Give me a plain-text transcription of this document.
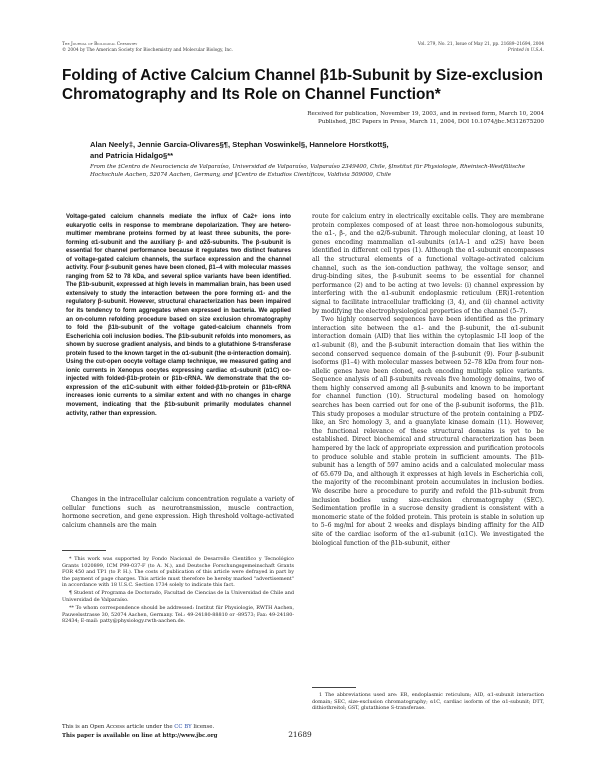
The Journal of Biological Chemistry
© 2004 by The American Society for Biochemistry and Molecular Biology, Inc.
Vol. 279, No. 21, Issue of May 21, pp. 21689–21694, 2004
Printed in U.S.A.
Folding of Active Calcium Channel β1b-Subunit by Size-exclusion Chromatography and Its Role on Channel Function*
Received for publication, November 19, 2003, and in revised form, March 10, 2004
Published, JBC Papers in Press, March 11, 2004, DOI 10.1074/jbc.M312675200
Alan Neely‡, Jennie Garcia-Olivares§¶, Stephan Voswinkel§, Hannelore Horstkott§,
and Patricia Hidalgo§**
From the ‡Centro de Neurociencia de Valparaíso, Universidad de Valparaíso, Valparaíso 2349400, Chile, §Institut für Physiologie, Rheinisch-Westfälische Hochschule Aachen, 52074 Aachen, Germany, and ‖Centro de Estudios Científicos, Valdivia 509000, Chile
Voltage-gated calcium channels mediate the influx of Ca2+ ions into eukaryotic cells in response to membrane depolarization. They are hetero-multimer membrane proteins formed by at least three subunits, the pore-forming α1-subunit and the auxiliary β- and α2δ-subunits. The β-subunit is essential for channel performance because it regulates two distinct features of voltage-gated calcium channels, the surface expression and the channel activity. Four β-subunit genes have been cloned, β1–4 with molecular masses ranging from 52 to 78 kDa, and several splice variants have been identified. The β1b-subunit, expressed at high levels in mammalian brain, has been used extensively to study the interaction between the pore forming α1- and the regulatory β-subunit. However, structural characterization has been impaired for its tendency to form aggregates when expressed in bacteria. We applied an on-column refolding procedure based on size exclusion chromatography to fold the β1b-subunit of the voltage gated-calcium channels from Escherichia coli inclusion bodies. The β1b-subunit refolds into monomers, as shown by sucrose gradient analysis, and binds to a glutathione S-transferase protein fused to the known target in the α1-subunit (the α-interaction domain). Using the cut-open oocyte voltage clamp technique, we measured gating and ionic currents in Xenopus oocytes expressing cardiac α1-subunit (α1C) co-injected with folded-β1b-protein or β1b-cRNA. We demonstrate that the co-expression of the α1C-subunit with either folded-β1b-protein or β1b-cRNA increases ionic currents to a similar extent and with no changes in charge movement, indicating that the β1b-subunit primarily modulates channel activity, rather than expression.

Changes in the intracellular calcium concentration regulate a variety of cellular functions such as neurotransmission, muscle contraction, hormone secretion, and gene expression. High threshold voltage-activated calcium channels are the main

* This work was supported by Fondo Nacional de Desarrollo Científico y Tecnológico Grants 1020899, ICM P99-037-F (to A. N.), and Deutsche Forschungsgemeinschaft Grants FOR 450 and TP1 (to P. H.). The costs of publication of this article were defrayed in part by the payment of page charges. This article must therefore be hereby marked "advertisement" in accordance with 18 U.S.C. Section 1734 solely to indicate this fact.

¶ Student of Programa de Doctorado, Facultad de Ciencias de la Universidad de Chile and Universidad de Valparaíso.

** To whom correspondence should be addressed: Institut für Physiologie, RWTH Aachen, Pauwelsstrasse 30, 52074 Aachen, Germany. Tel.: 49-24180-88810 or -89573; Fax: 49-24180-82434; E-mail: patty@physiology.rwth-aachen.de.

This is an Open Access article under the CC BY license.
This paper is available on line at http://www.jbc.org	21689

route for calcium entry in electrically excitable cells. They are membrane protein complexes composed of at least three non-homologous subunits, the α1-, β-, and the α2/δ-subunit. Through molecular cloning, at least 10 genes encoding mammalian α1-subunits (α1A–1 and α2S) have been identified in different cell types (1). Although the α1-subunit encompasses all the structural elements of a functional voltage-activated calcium channel, such as the ion-conduction pathway, the voltage sensor, and drug-binding sites, the β-subunit seems to be essential for channel performance (2) and to be acting at two levels: (i) channel expression by interfering with the α1-subunit endoplasmic reticulum (ER)1-retention signal to facilitate intracellular trafficking (3, 4), and (ii) channel activity by modifying the electrophysiological properties of the channel (5–7).

Two highly conserved sequences have been identified as the primary interaction site between the α1- and the β-subunit, the α1-subunit interaction domain (AID) that lies within the cytoplasmic I-II loop of the α1-subunit (8), and the β-subunit interaction domain that lies within the second conserved sequence domain of the β-subunit (9). Four β-subunit isoforms (β1–4) with molecular masses between 52–78 kDa from four non-allelic genes have been cloned, each encoding multiple splice variants. Sequence analysis of all β-subunits reveals five homology domains, two of them highly conserved among all β-subunits and known to be important for channel function (10). Structural modeling based on homology searches has been carried out for one of the β-subunit isoforms, the β1b. This study proposes a modular structure of the protein containing a PDZ-like, an Src homology 3, and a guanylate kinase domain (11). However, the functional relevance of these structural domains is yet to be established. Direct biochemical and structural characterization has been hampered by the lack of appropriate expression and purification protocols to produce soluble and stable protein in sufficient amounts. The β1b-subunit has a length of 597 amino acids and a calculated molecular mass of 65.679 Da, and although it expresses at high levels in Escherichia coli, the majority of the recombinant protein accumulates in inclusion bodies. We describe here a procedure to purify and refold the β1b-subunit from inclusion bodies using size-exclusion chromatography (SEC). Sedimentation profile in a sucrose density gradient is consistent with a monomeric state of the folded protein. This protein is stable in solution up to 5–6 mg/ml for about 2 weeks and displays binding affinity for the AID site of the cardiac isoform of the α1-subunit (α1C). We investigated the biological function of the β1b-subunit, either

1 The abbreviations used are: ER, endoplasmic reticulum; AID, α1-subunit interaction domain; SEC, size-exclusion chromatography; α1C, cardiac isoform of the α1-subunit; DTT, dithiothreitol; GST, glutathione S-transferase.
